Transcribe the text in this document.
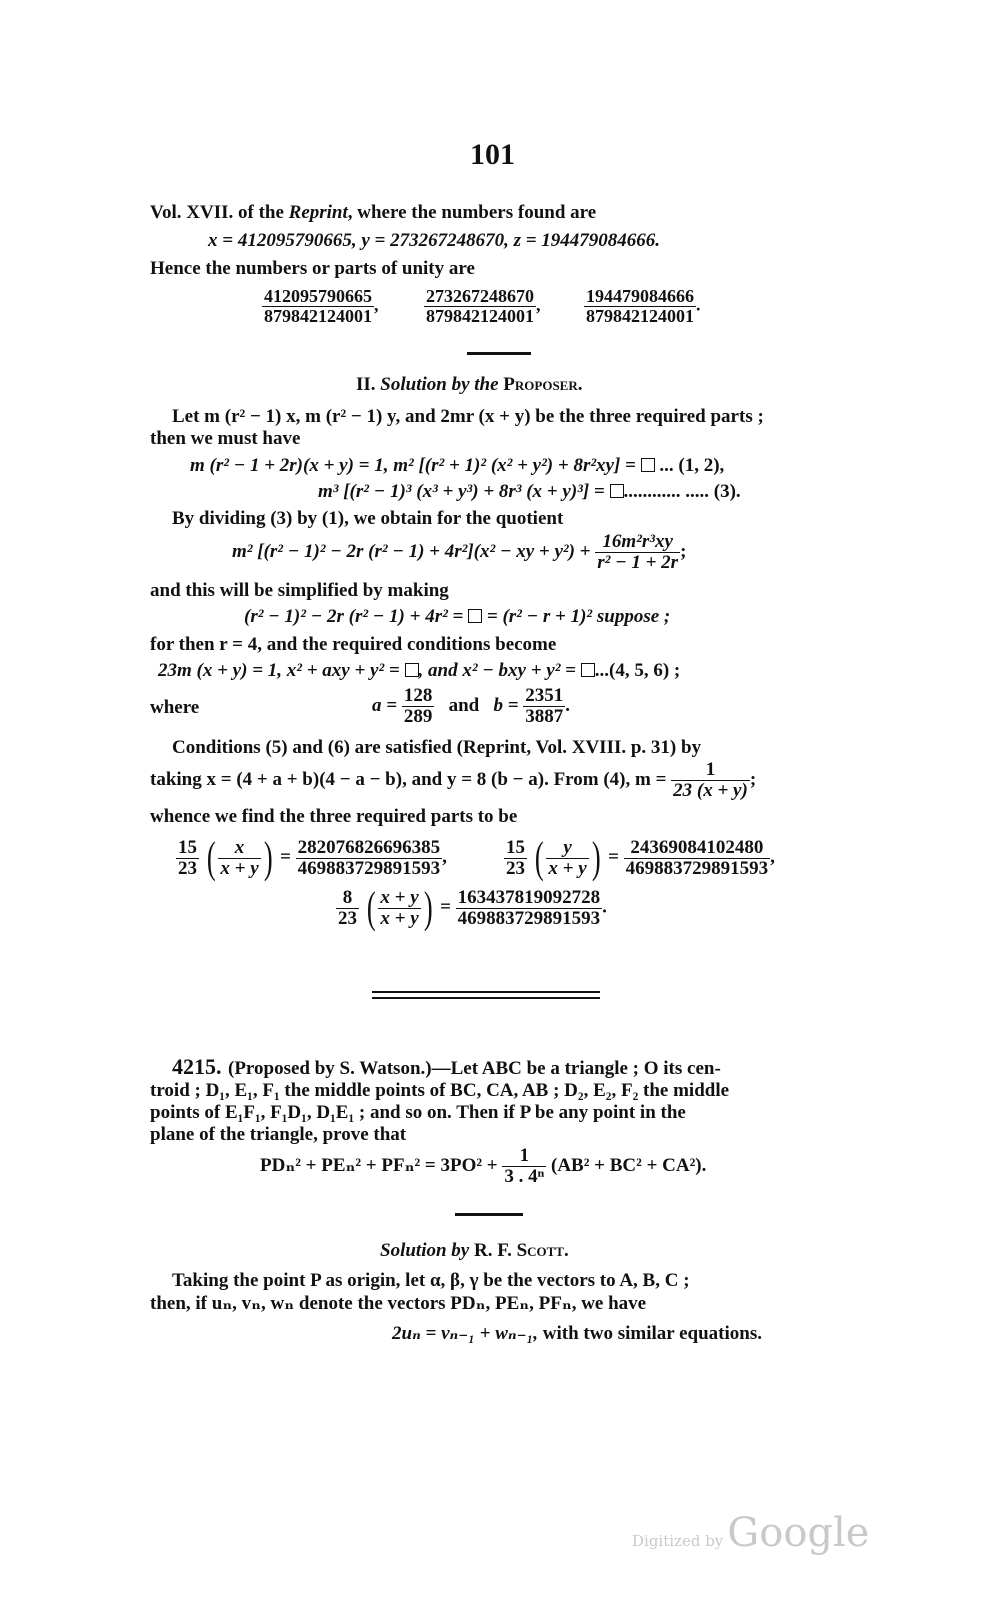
101
Vol. XVII. of the Reprint, where the numbers found are
x = 412095790665, y = 273267248670, z = 194479084666.
Hence the numbers or parts of unity are
$\frac{412095790665}{879842124001}$ ,	$\frac{273267248670}{879842124001}$ , $\frac{194479084666}{879842124001}$ .
II. Solution by the Proposer.
Let m (r² − 1) x, m (r² − 1) y, and 2mr (x + y) be the three required parts ;
then we must have
m (r² − 1 + 2r)(x + y) = 1, m² [(r² + 1)² (x² + y²) + 8r²xy] = ... (1, 2),
m³ [(r² − 1)³ (x³ + y³) + 8r³ (x + y)³] = ............ ..... (3).
By dividing (3) by (1), we obtain for the quotient
m² [(r² − 1)² − 2r (r² − 1) + 4r²](x² − xy + $y^2) + \frac{\text{16m²r³xy}}{\text{r² − 1 + 2r}}$ ;
and this will be simplified by making
(r² − 1)² − 2r (r² − 1) + 4r² = = (r² − r + 1)² suppose ;
for then r = 4, and the required conditions become
23m (x + y) = 1, x² + axy + y² = , and x² − bxy + y² = ...(4, 5, 6) ;
where	$a = \frac{128}{289}$ and $b = \frac{2351}{3887}$ .
Conditions (5) and (6) are satisfied (Reprint, Vol. XVIII. p. 31) by
taking x = (4 + a + b)(4 − a − b), and y = 8 (b − a). From (4), $m = \frac{1}{23 (x + y)}$ ;
whence we find the three required parts to be
$\frac{15}{23}$ ( $\frac{x}{x + y}$ ) = $\frac{282076826696385}{469883729891593}$ ,	$\frac{15}{23}$ ( $\frac{y}{x + y}$ ) = $\frac{24369084102480}{469883729891593}$ ,
$\frac{8}{23}$ ( $\frac{x + y}{x + y}$ ) = $\frac{163437819092728}{469883729891593}$ .
(Proposed by S. Watson.)—Let ABC be a triangle ; O its cen-
4215.
troid ; D₁, E₁, F₁ the middle points of BC, CA, AB ; D₂, E₂, F₂ the middle
points of E₁F₁, F₁D₁, D₁E₁ ; and so on. Then if P be any point in the
plane of the triangle, prove that
$PD_n^2 + PE_n^2 + PF_n^2 = 3PO^2 + \frac{1}{\text{3 . 4ⁿ}} (AB^2 + BC^2 + CA^2)$.
Solution by R. F. Scott.
Taking the point P as origin, let α, β, γ be the vectors to A, B, C ;
then, if uₙ, vₙ, wₙ denote the vectors PDₙ, PEₙ, PFₙ, we have
2uₙ = vₙ₋₁ + wₙ₋₁, with two similar equations.
Digitized by Google
